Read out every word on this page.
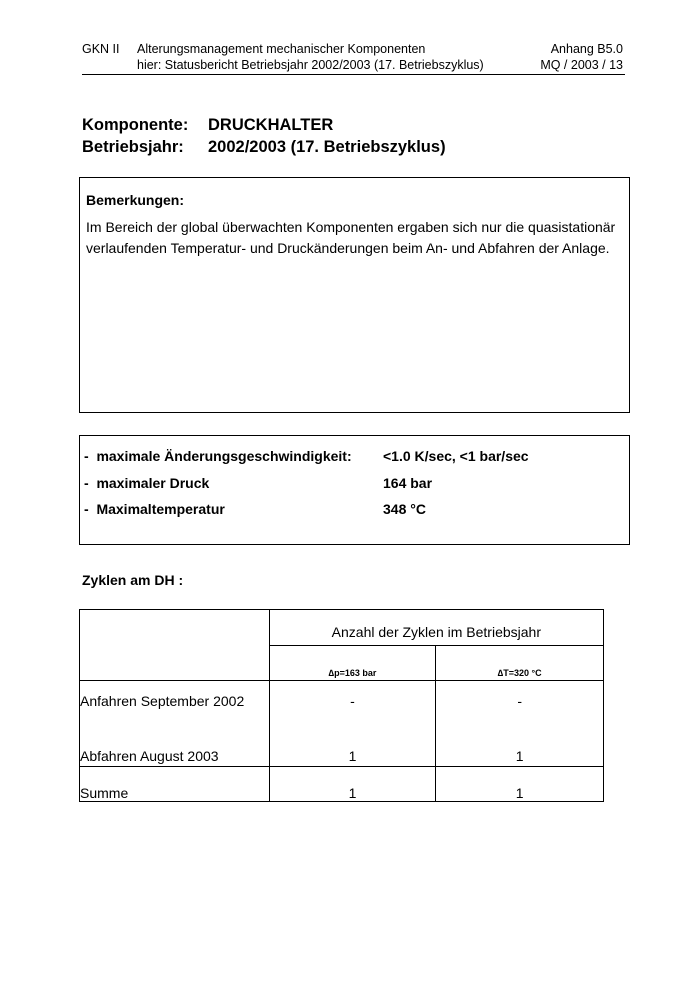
GKN II Alterungsmanagement mechanischer Komponenten
hier: Statusbericht Betriebsjahr 2002/2003 (17. Betriebszyklus)
Anhang B5.0
MQ / 2003 / 13
Komponente: DRUCKHALTER
Betriebsjahr: 2002/2003 (17. Betriebszyklus)
Bemerkungen:
Im Bereich der global überwachten Komponenten ergaben sich nur die quasistationär
verlaufenden Temperatur- und Druckänderungen beim An- und Abfahren der Anlage.
-  maximale Änderungsgeschwindigkeit: <1.0 K/sec, <1 bar/sec
-  maximaler Druck	164 bar
-  Maximaltemperatur	348 °C
Zyklen am DH :
	Anzahl der Zyklen im Betriebsjahr	
	∆p=163 bar	∆T=320 °C
Anfahren September 2002	-	-
Abfahren August 2003	1	1
Summe	1	1
